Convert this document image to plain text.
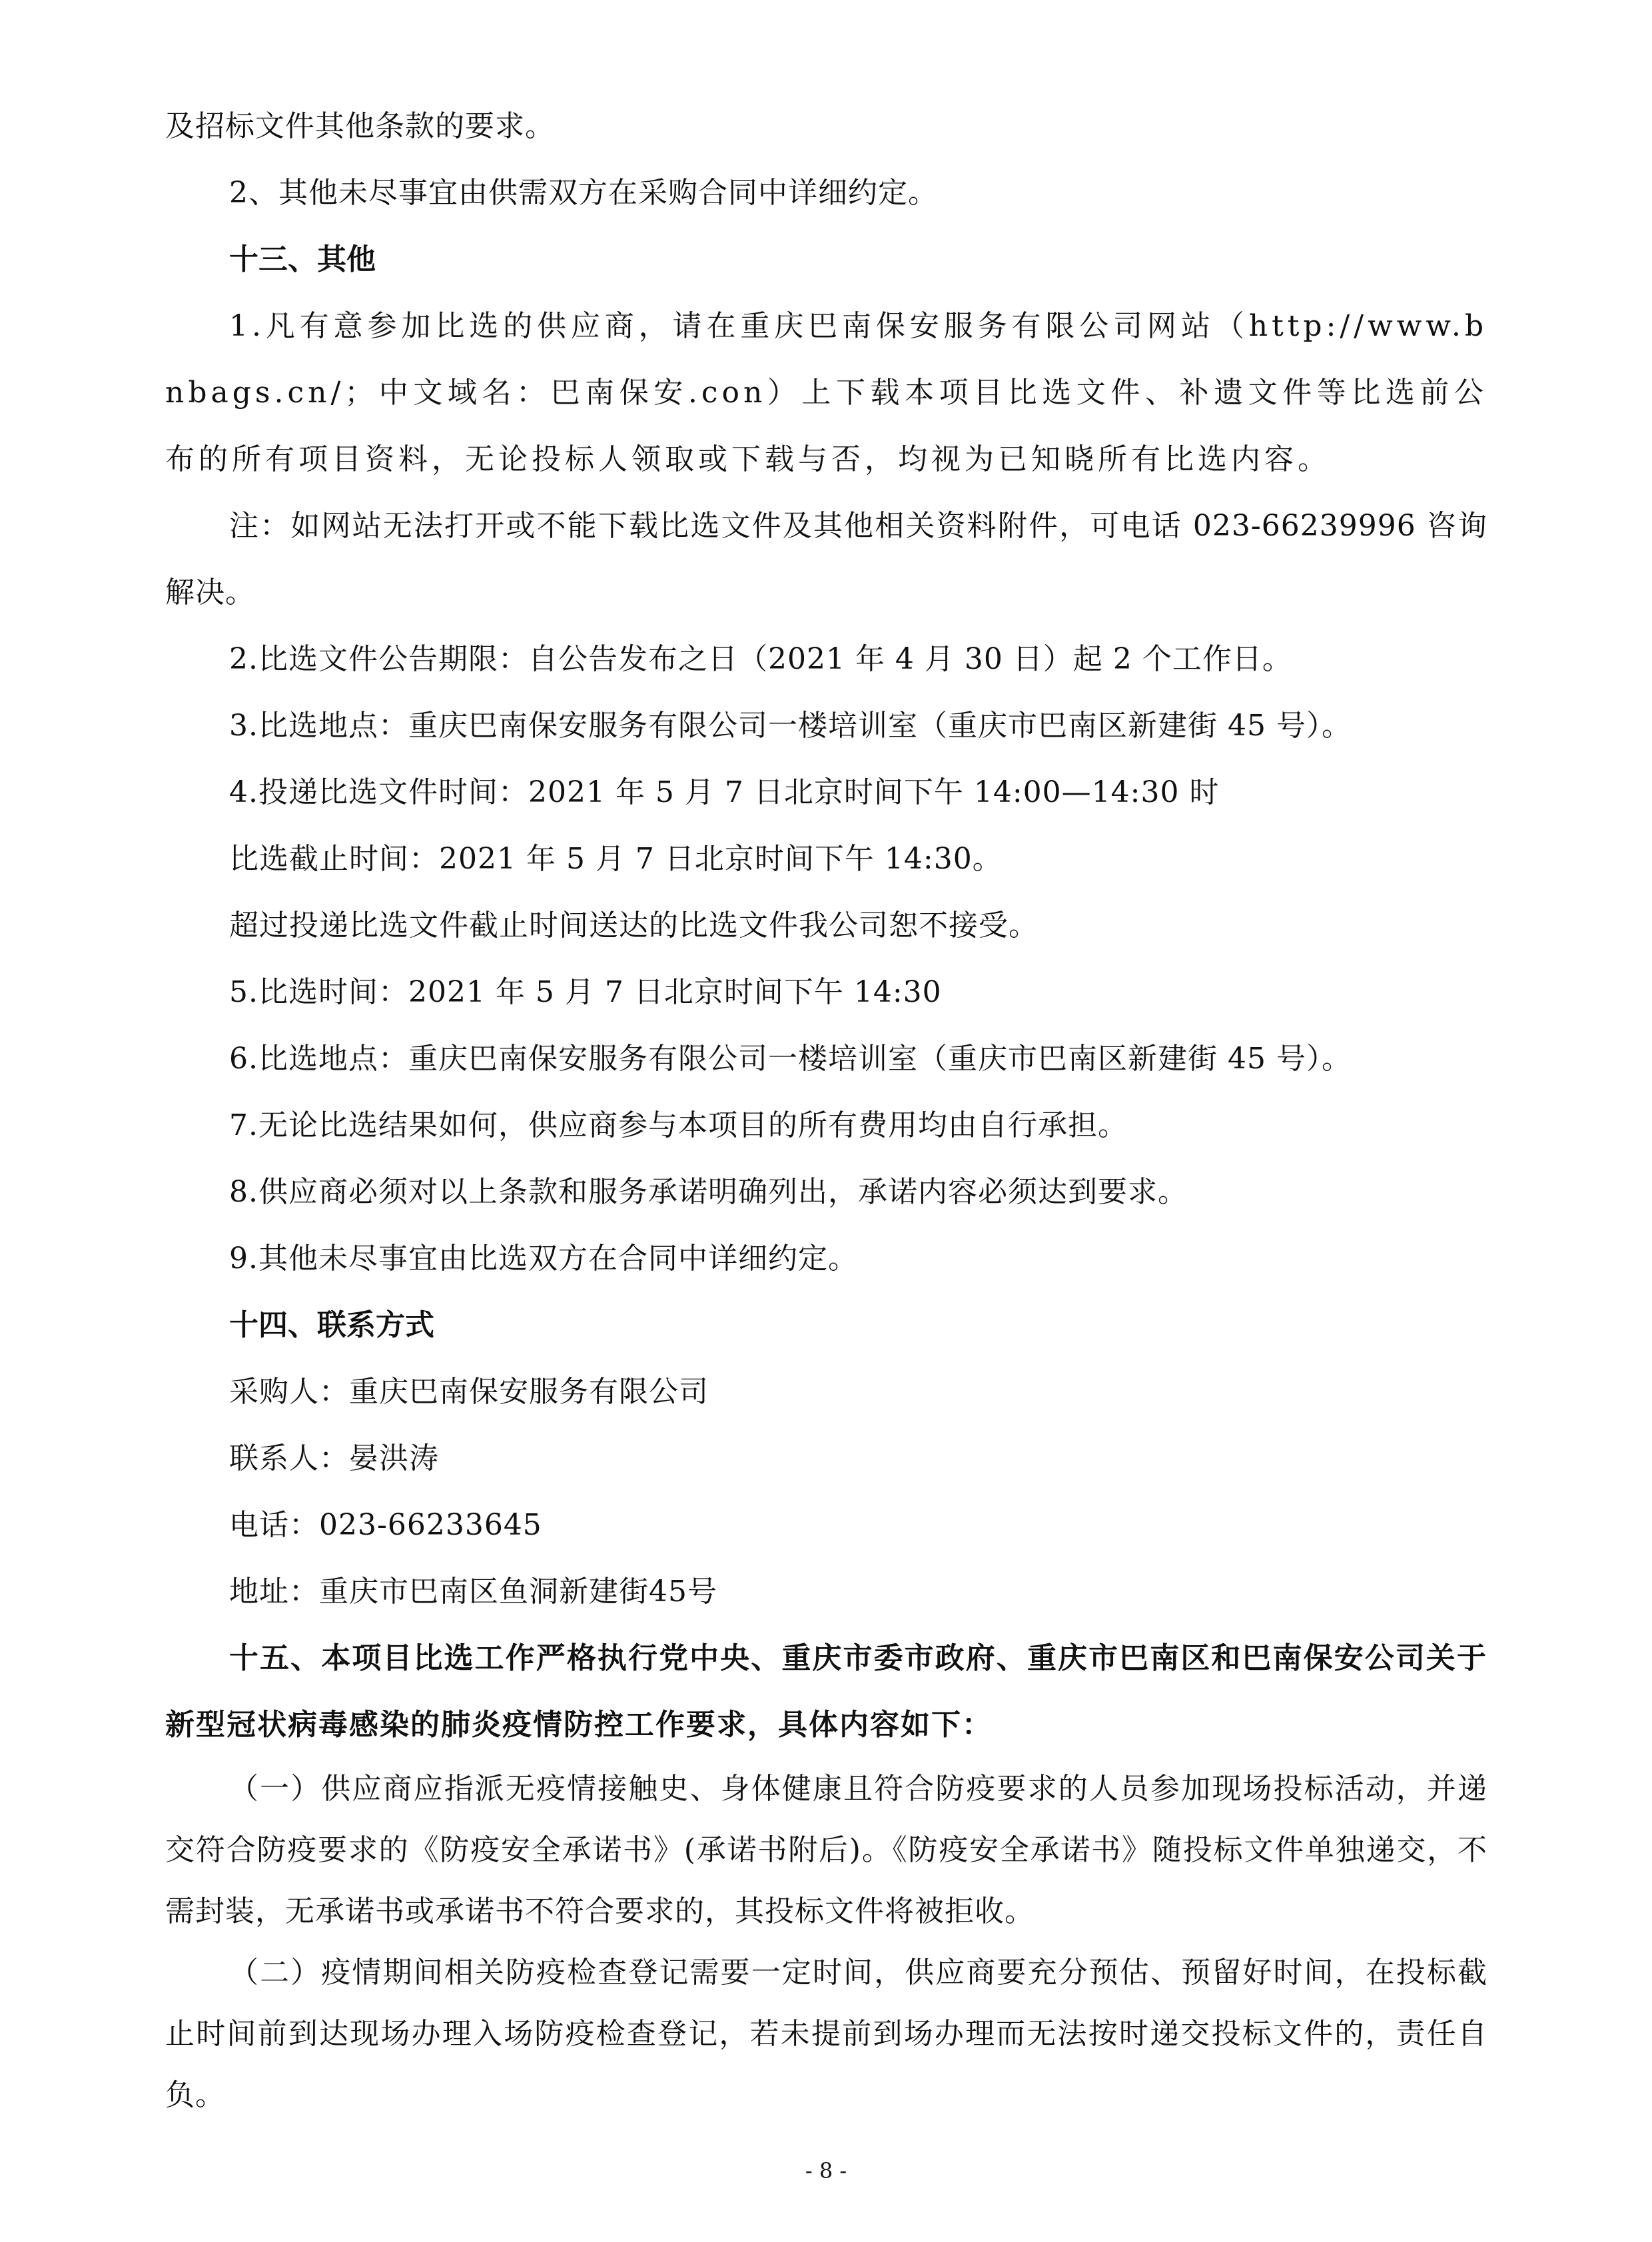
及招标文件其他条款的要求。

2、其他未尽事宜由供需双方在采购合同中详细约定。

十三、其他

1.凡有意参加比选的供应商，请在重庆巴南保安服务有限公司网站（http://www.bnbags.cn/；中文域名：巴南保安.con）上下载本项目比选文件、补遗文件等比选前公布的所有项目资料，无论投标人领取或下载与否，均视为已知晓所有比选内容。

注：如网站无法打开或不能下载比选文件及其他相关资料附件，可电话 023-66239996 咨询解决。

2.比选文件公告期限：自公告发布之日（2021 年 4 月 30 日）起 2 个工作日。

3.比选地点：重庆巴南保安服务有限公司一楼培训室（重庆市巴南区新建街 45 号）。

4.投递比选文件时间：2021 年 5 月 7 日北京时间下午 14:00—14:30 时

比选截止时间：2021 年 5 月 7 日北京时间下午 14:30。

超过投递比选文件截止时间送达的比选文件我公司恕不接受。

5.比选时间：2021 年 5 月 7 日北京时间下午 14:30

6.比选地点：重庆巴南保安服务有限公司一楼培训室（重庆市巴南区新建街 45 号）。

7.无论比选结果如何，供应商参与本项目的所有费用均由自行承担。

8.供应商必须对以上条款和服务承诺明确列出，承诺内容必须达到要求。

9.其他未尽事宜由比选双方在合同中详细约定。

十四、联系方式

采购人：重庆巴南保安服务有限公司

联系人：晏洪涛

电话：023-66233645

地址：重庆市巴南区鱼洞新建街45号

十五、本项目比选工作严格执行党中央、重庆市委市政府、重庆市巴南区和巴南保安公司关于新型冠状病毒感染的肺炎疫情防控工作要求，具体内容如下：

（一）供应商应指派无疫情接触史、身体健康且符合防疫要求的人员参加现场投标活动，并递交符合防疫要求的《防疫安全承诺书》(承诺书附后)。《防疫安全承诺书》随投标文件单独递交，不需封装，无承诺书或承诺书不符合要求的，其投标文件将被拒收。

（二）疫情期间相关防疫检查登记需要一定时间，供应商要充分预估、预留好时间，在投标截止时间前到达现场办理入场防疫检查登记，若未提前到场办理而无法按时递交投标文件的，责任自负。

- 8 -
